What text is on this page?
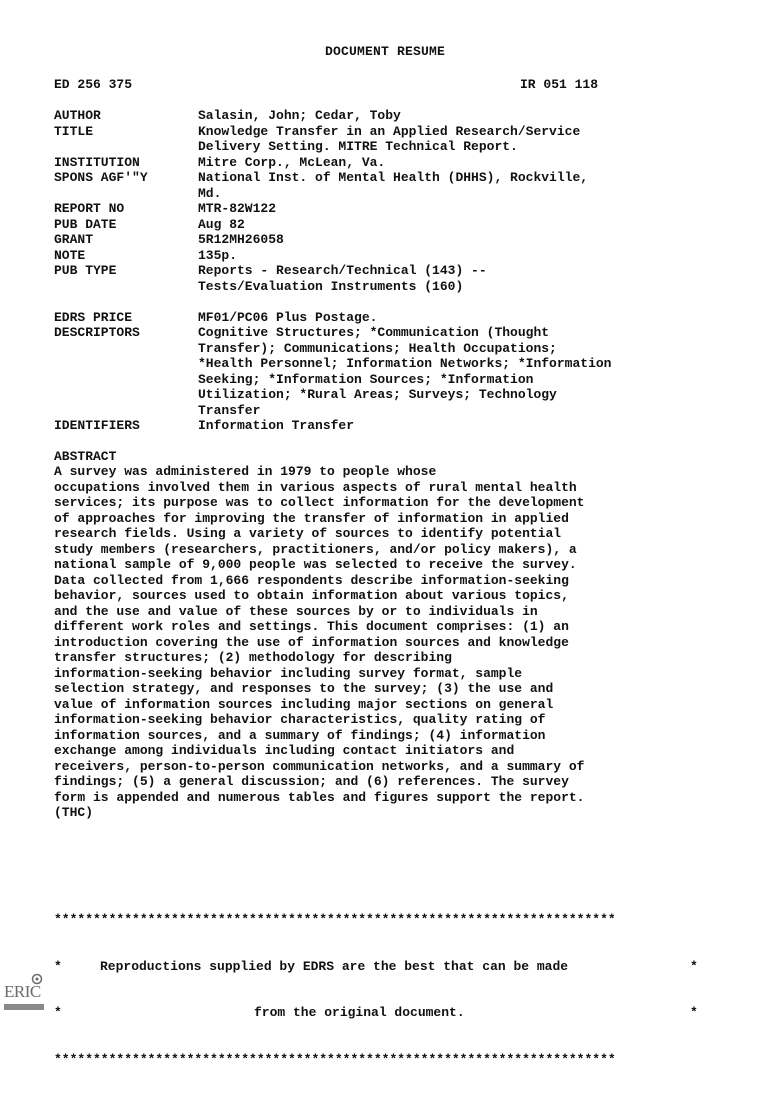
DOCUMENT RESUME
ED 256 375	IR 051 118
AUTHOR	Salasin, John; Cedar, Toby
TITLE	Knowledge Transfer in an Applied Research/Service
Delivery Setting. MITRE Technical Report.
INSTITUTION	Mitre Corp., McLean, Va.
SPONS AGF'"Y	National Inst. of Mental Health (DHHS), Rockville,
Md.
REPORT NO	MTR-82W122
PUB DATE	Aug 82
GRANT	5R12MH26058
NOTE	135p.
PUB TYPE	Reports - Research/Technical (143) --
Tests/Evaluation Instruments (160)
EDRS PRICE	MF01/PC06 Plus Postage.
DESCRIPTORS	Cognitive Structures; *Communication (Thought
Transfer); Communications; Health Occupations;
*Health Personnel; Information Networks; *Information
Seeking; *Information Sources; *Information
Utilization; *Rural Areas; Surveys; Technology
Transfer
IDENTIFIERS	Information Transfer
ABSTRACT
A survey was administered in 1979 to people whose
occupations involved them in various aspects of rural mental health
services; its purpose was to collect information for the development
of approaches for improving the transfer of information in applied
research fields. Using a variety of sources to identify potential
study members (researchers, practitioners, and/or policy makers), a
national sample of 9,000 people was selected to receive the survey.
Data collected from 1,666 respondents describe information-seeking
behavior, sources used to obtain information about various topics,
and the use and value of these sources by or to individuals in
different work roles and settings. This document comprises: (1) an
introduction covering the use of information sources and knowledge
transfer structures; (2) methodology for describing
information-seeking behavior including survey format, sample
selection strategy, and responses to the survey; (3) the use and
value of information sources including major sections on general
information-seeking behavior characteristics, quality rating of
information sources, and a summary of findings; (4) information
exchange among individuals including contact initiators and
receivers, person-to-person communication networks, and a summary of
findings; (5) a general discussion; and (6) references. The survey
form is appended and numerous tables and figures support the report.
(THC)

************************************************************************

*

	Reproductions supplied by EDRS are the best that can be made

	*

*

	from the original document.

	*

************************************************************************

ERIC
